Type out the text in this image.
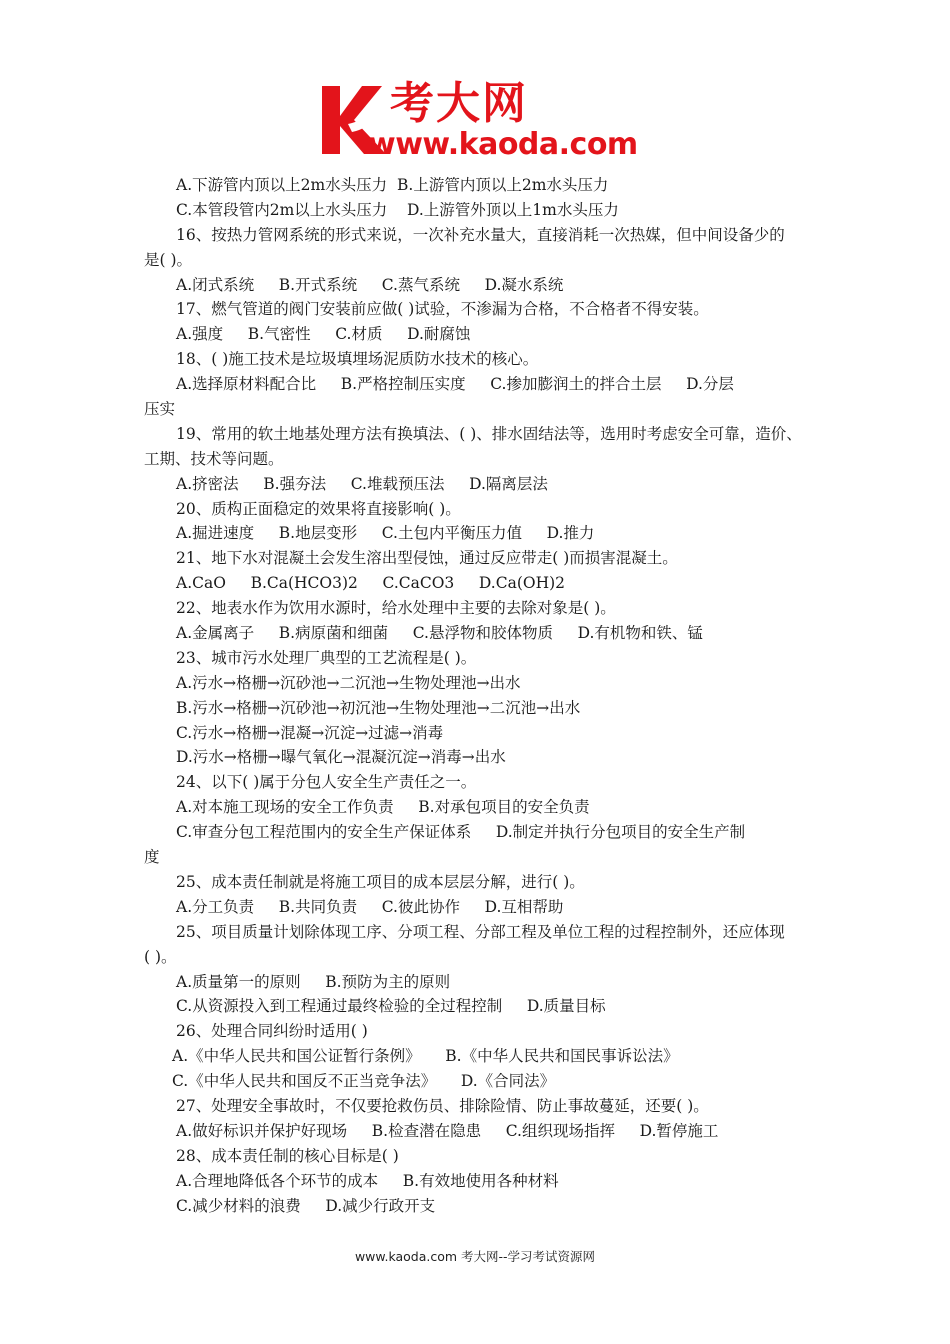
考大网
www.kaoda.com
A.下游管内顶以上2m水头压力  B.上游管内顶以上2m水头压力
C.本管段管内2m以上水头压力    D.上游管外顶以上1m水头压力
16、按热力管网系统的形式来说，一次补充水量大，直接消耗一次热媒，但中间设备少的
是( )。
A.闭式系统     B.开式系统     C.蒸气系统     D.凝水系统
17、燃气管道的阀门安装前应做( )试验，不渗漏为合格，不合格者不得安装。
A.强度     B.气密性     C.材质     D.耐腐蚀
18、( )施工技术是垃圾填埋场泥质防水技术的核心。
A.选择原材料配合比     B.严格控制压实度     C.掺加膨润土的拌合土层     D.分层
压实
19、常用的软土地基处理方法有换填法、( )、排水固结法等，选用时考虑安全可靠，造价、
工期、技术等问题。
A.挤密法     B.强夯法     C.堆载预压法     D.隔离层法
20、质构正面稳定的效果将直接影响( )。
A.掘进速度     B.地层变形     C.土包内平衡压力值     D.推力
21、地下水对混凝土会发生溶出型侵蚀，通过反应带走( )而损害混凝土。
A.CaO     B.Ca(HCO3)2     C.CaCO3     D.Ca(OH)2
22、地表水作为饮用水源时，给水处理中主要的去除对象是( )。
A.金属离子     B.病原菌和细菌     C.悬浮物和胶体物质     D.有机物和铁、锰
23、城市污水处理厂典型的工艺流程是( )。
A.污水→格栅→沉砂池→二沉池→生物处理池→出水
B.污水→格栅→沉砂池→初沉池→生物处理池→二沉池→出水
C.污水→格栅→混凝→沉淀→过滤→消毒
D.污水→格栅→曝气氧化→混凝沉淀→消毒→出水
24、以下( )属于分包人安全生产责任之一。
A.对本施工现场的安全工作负责     B.对承包项目的安全负责
C.审查分包工程范围内的安全生产保证体系     D.制定并执行分包项目的安全生产制
度
25、成本责任制就是将施工项目的成本层层分解，进行( )。
A.分工负责     B.共同负责     C.彼此协作     D.互相帮助
25、项目质量计划除体现工序、分项工程、分部工程及单位工程的过程控制外，还应体现
( )。
A.质量第一的原则     B.预防为主的原则
C.从资源投入到工程通过最终检验的全过程控制     D.质量目标
26、处理合同纠纷时适用( )
A.《中华人民共和国公证暂行条例》     B.《中华人民共和国民事诉讼法》
C.《中华人民共和国反不正当竞争法》     D.《合同法》
27、处理安全事故时，不仅要抢救伤员、排除险情、防止事故蔓延，还要( )。
A.做好标识并保护好现场     B.检查潜在隐患     C.组织现场指挥     D.暂停施工
28、成本责任制的核心目标是( )
A.合理地降低各个环节的成本     B.有效地使用各种材料
C.减少材料的浪费     D.减少行政开支
www.kaoda.com 考大网--学习考试资源网
